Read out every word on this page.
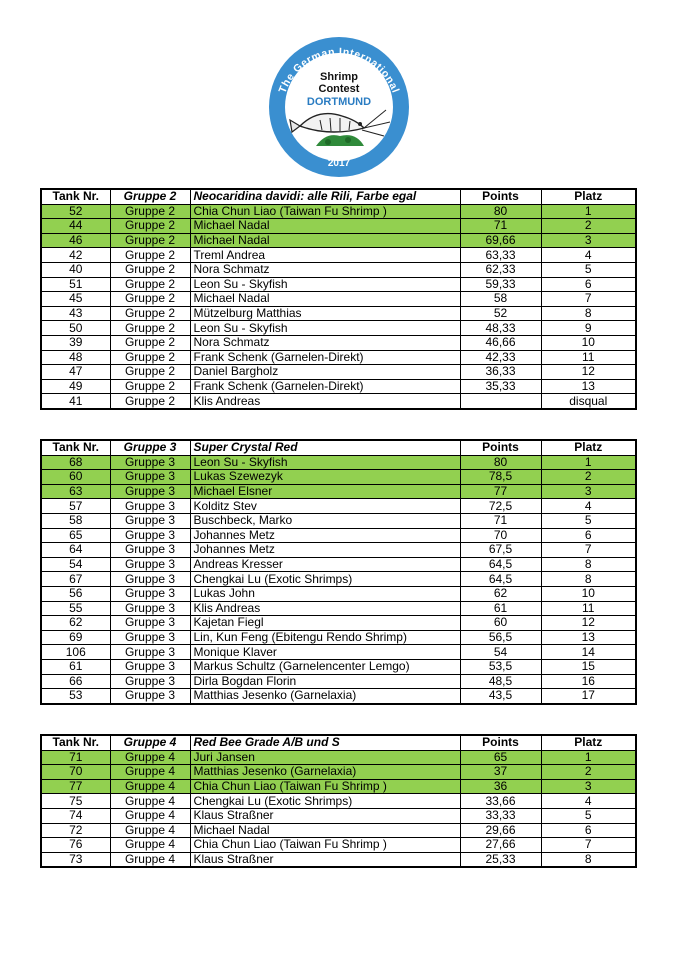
The German International
Shrimp
Contest
DORTMUND
2017
Tank Nr.	Gruppe 2	Neocaridina davidi: alle Rili, Farbe egal	Points	Platz
52	Gruppe 2	Chia Chun Liao (Taiwan Fu Shrimp )	80	1
44	Gruppe 2	Michael Nadal	71	2
46	Gruppe 2	Michael Nadal	69,66	3
42	Gruppe 2	Treml Andrea	63,33	4
40	Gruppe 2	Nora Schmatz	62,33	5
51	Gruppe 2	Leon Su - Skyfish	59,33	6
45	Gruppe 2	Michael Nadal	58	7
43	Gruppe 2	Mützelburg Matthias	52	8
50	Gruppe 2	Leon Su - Skyfish	48,33	9
39	Gruppe 2	Nora Schmatz	46,66	10
48	Gruppe 2	Frank Schenk (Garnelen-Direkt)	42,33	11
47	Gruppe 2	Daniel Bargholz	36,33	12
49	Gruppe 2	Frank Schenk (Garnelen-Direkt)	35,33	13
41	Gruppe 2	Klis Andreas		disqual
Tank Nr.	Gruppe 3	Super Crystal Red	Points	Platz
68	Gruppe 3	Leon Su - Skyfish	80	1
60	Gruppe 3	Lukas Szewezyk	78,5	2
63	Gruppe 3	Michael Elsner	77	3
57	Gruppe 3	Kolditz Stev	72,5	4
58	Gruppe 3	Buschbeck, Marko	71	5
65	Gruppe 3	Johannes Metz	70	6
64	Gruppe 3	Johannes Metz	67,5	7
54	Gruppe 3	Andreas Kresser	64,5	8
67	Gruppe 3	Chengkai Lu (Exotic Shrimps)	64,5	8
56	Gruppe 3	Lukas John	62	10
55	Gruppe 3	Klis Andreas	61	11
62	Gruppe 3	Kajetan Fiegl	60	12
69	Gruppe 3	Lin, Kun Feng (Ebitengu Rendo Shrimp)	56,5	13
106	Gruppe 3	Monique Klaver	54	14
61	Gruppe 3	Markus Schultz (Garnelencenter Lemgo)	53,5	15
66	Gruppe 3	Dirla Bogdan Florin	48,5	16
53	Gruppe 3	Matthias Jesenko (Garnelaxia)	43,5	17
Tank Nr.	Gruppe 4	Red Bee Grade A/B und S	Points	Platz
71	Gruppe 4	Juri Jansen	65	1
70	Gruppe 4	Matthias Jesenko (Garnelaxia)	37	2
77	Gruppe 4	Chia Chun Liao (Taiwan Fu Shrimp )	36	3
75	Gruppe 4	Chengkai Lu (Exotic Shrimps)	33,66	4
74	Gruppe 4	Klaus Straßner	33,33	5
72	Gruppe 4	Michael Nadal	29,66	6
76	Gruppe 4	Chia Chun Liao (Taiwan Fu Shrimp )	27,66	7
73	Gruppe 4	Klaus Straßner	25,33	8
